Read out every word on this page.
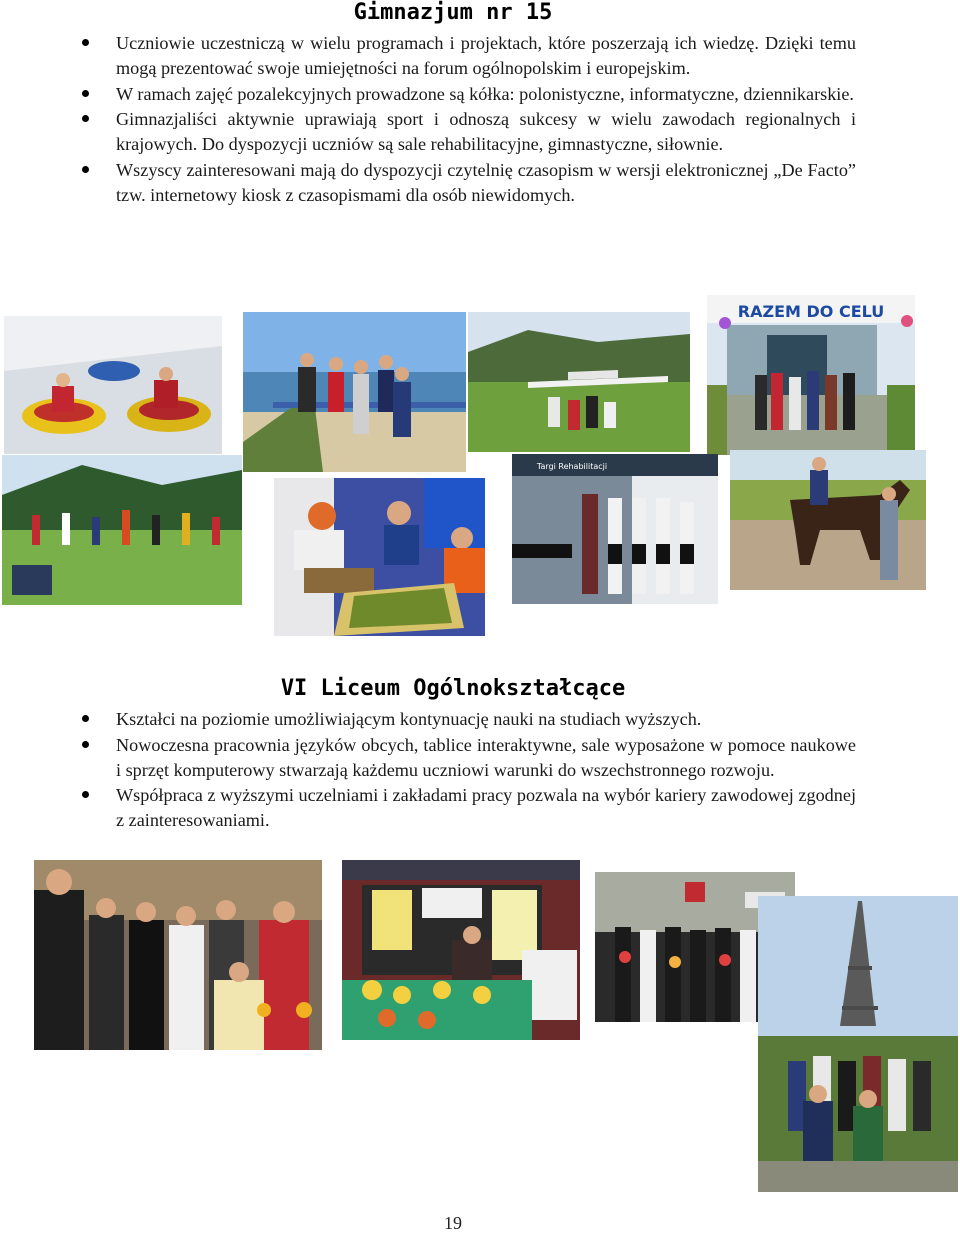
Gimnazjum nr 15
Uczniowie uczestniczą w wielu programach i projektach, które poszerzają ich wiedzę. Dzięki temu mogą prezentować swoje umiejętności na forum ogólnopolskim i europejskim.
W ramach zajęć pozalekcyjnych prowadzone są kółka: polonistyczne, informatyczne, dziennikarskie.
Gimnazjaliści aktywnie uprawiają sport i odnoszą sukcesy w wielu zawodach regionalnych i krajowych. Do dyspozycji uczniów są sale rehabilitacyjne, gimnastyczne, siłownie.
Wszyscy zainteresowani mają do dyspozycji czytelnię czasopism w wersji elektronicznej „De Facto” tzw. internetowy kiosk z czasopismami dla osób niewidomych.
RAZEM DO CELU
Targi Rehabilitacji
VI Liceum Ogólnokształcące
Kształci na poziomie umożliwiającym kontynuację nauki na studiach wyższych.
Nowoczesna pracownia języków obcych, tablice interaktywne, sale wyposażone w pomoce naukowe i sprzęt komputerowy stwarzają każdemu uczniowi warunki do wszechstronnego rozwoju.
Współpraca z wyższymi uczelniami i zakładami pracy pozwala na wybór kariery zawodowej zgodnej z zainteresowaniami.
19
